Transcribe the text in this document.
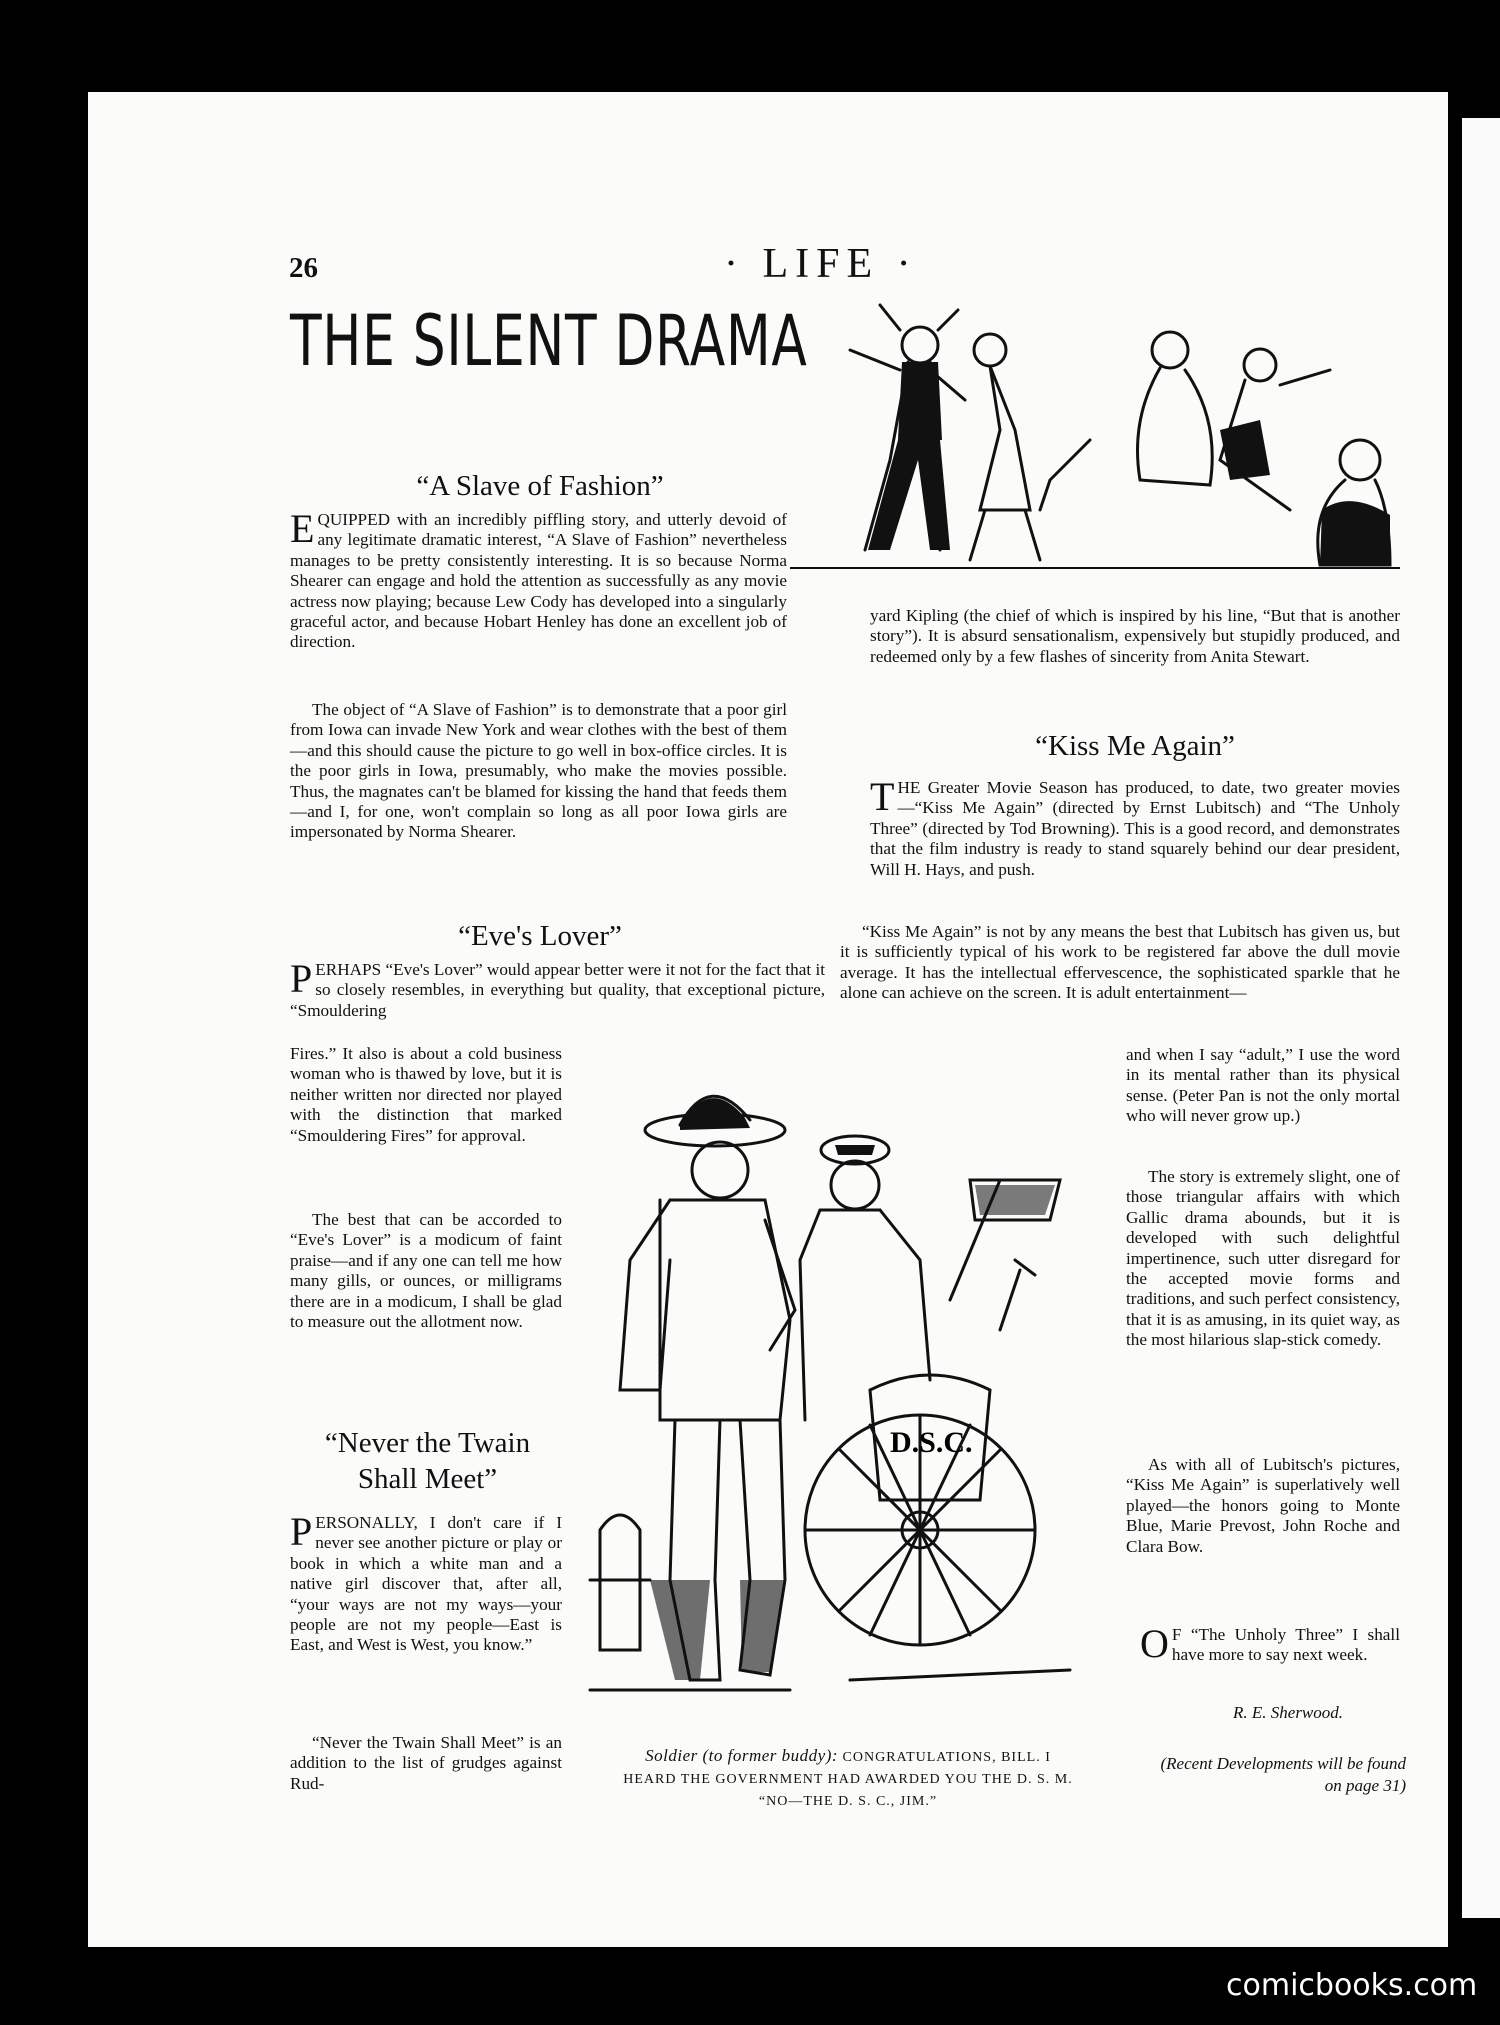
26	· LIFE ·
THE SILENT DRAMA
“A Slave of Fashion”
EQUIPPED with an incredibly piffling story, and utterly devoid of any legitimate dramatic interest, “A Slave of Fashion” nevertheless manages to be pretty consistently interesting. It is so because Norma Shearer can engage and hold the attention as successfully as any movie actress now playing; because Lew Cody has developed into a singularly graceful actor, and because Hobart Henley has done an excellent job of direction.
The object of “A Slave of Fashion” is to demonstrate that a poor girl from Iowa can invade New York and wear clothes with the best of them—and this should cause the picture to go well in box-office circles. It is the poor girls in Iowa, presumably, who make the movies possible. Thus, the magnates can't be blamed for kissing the hand that feeds them—and I, for one, won't complain so long as all poor Iowa girls are impersonated by Norma Shearer.
“Eve's Lover”
PERHAPS “Eve's Lover” would appear better were it not for the fact that it so closely resembles, in everything but quality, that exceptional picture, “Smouldering
Fires.” It also is about a cold business woman who is thawed by love, but it is neither written nor directed nor played with the distinction that marked “Smouldering Fires” for approval.
The best that can be accorded to “Eve's Lover” is a modicum of faint praise—and if any one can tell me how many gills, or ounces, or milligrams there are in a modicum, I shall be glad to measure out the allotment now.
“Never the Twain
Shall Meet”
PERSONALLY, I don't care if I never see another picture or play or book in which a white man and a native girl discover that, after all, “your ways are not my ways—your people are not my people—East is East, and West is West, you know.”
“Never the Twain Shall Meet” is an addition to the list of grudges against Rud-
yard Kipling (the chief of which is inspired by his line, “But that is another story”). It is absurd sensationalism, expensively but stupidly produced, and redeemed only by a few flashes of sincerity from Anita Stewart.
“Kiss Me Again”
THE Greater Movie Season has produced, to date, two greater movies—“Kiss Me Again” (directed by Ernst Lubitsch) and “The Unholy Three” (directed by Tod Browning). This is a good record, and demonstrates that the film industry is ready to stand squarely behind our dear president, Will H. Hays, and push.
“Kiss Me Again” is not by any means the best that Lubitsch has given us, but it is sufficiently typical of his work to be registered far above the dull movie average. It has the intellectual effervescence, the sophisticated sparkle that he alone can achieve on the screen. It is adult entertainment—
and when I say “adult,” I use the word in its mental rather than its physical sense. (Peter Pan is not the only mortal who will never grow up.)
The story is extremely slight, one of those triangular affairs with which Gallic drama abounds, but it is developed with such delightful impertinence, such utter disregard for the accepted movie forms and traditions, and such perfect consistency, that it is as amusing, in its quiet way, as the most hilarious slap-stick comedy.
As with all of Lubitsch's pictures, “Kiss Me Again” is superlatively well played—the honors going to Monte Blue, Marie Prevost, John Roche and Clara Bow.
O F “The Unholy Three” I shall have more to say next week.
R. E. Sherwood.
(Recent Developments will be found on page 31)
D.S.C.
Soldier (to former buddy): CONGRATULATIONS, BILL. I
HEARD THE GOVERNMENT HAD AWARDED YOU THE D. S. M.
“NO—THE D. S. C., JIM.”
comicbooks.com
